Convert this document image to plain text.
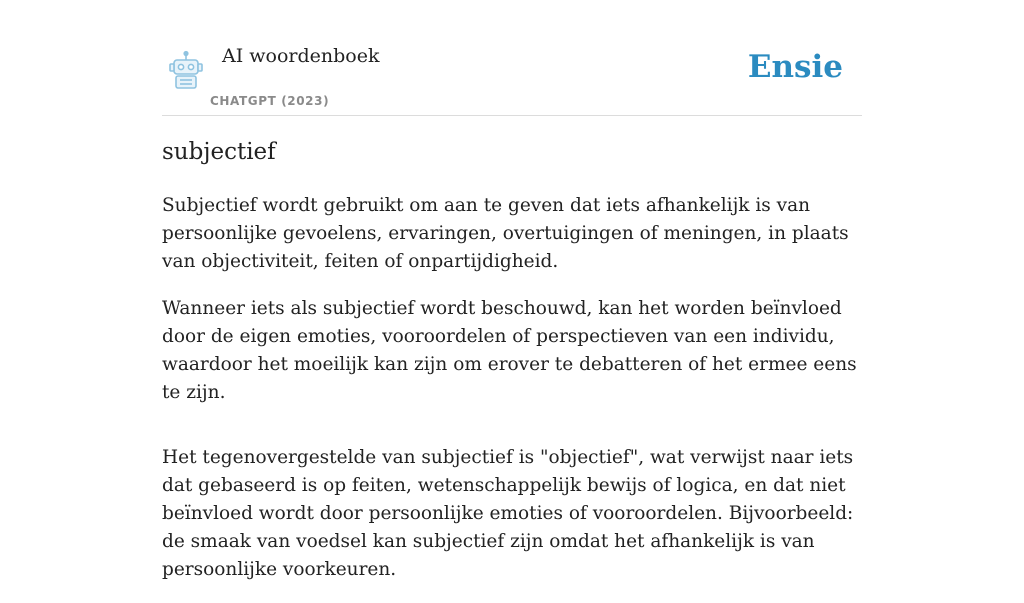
AI woordenboek
CHATGPT (2023)
Ensie
subjectief

Subjectief wordt gebruikt om aan te geven dat iets afhankelijk is van persoonlijke gevoelens, ervaringen, overtuigingen of meningen, in plaats van objectiviteit, feiten of onpartijdigheid.

Wanneer iets als subjectief wordt beschouwd, kan het worden beïnvloed door de eigen emoties, vooroordelen of perspectieven van een individu, waardoor het moeilijk kan zijn om erover te debatteren of het ermee eens te zijn.

Het tegenovergestelde van subjectief is "objectief", wat verwijst naar iets dat gebaseerd is op feiten, wetenschappelijk bewijs of logica, en dat niet beïnvloed wordt door persoonlijke emoties of vooroordelen. Bijvoorbeeld: de smaak van voedsel kan subjectief zijn omdat het afhankelijk is van persoonlijke voorkeuren.
